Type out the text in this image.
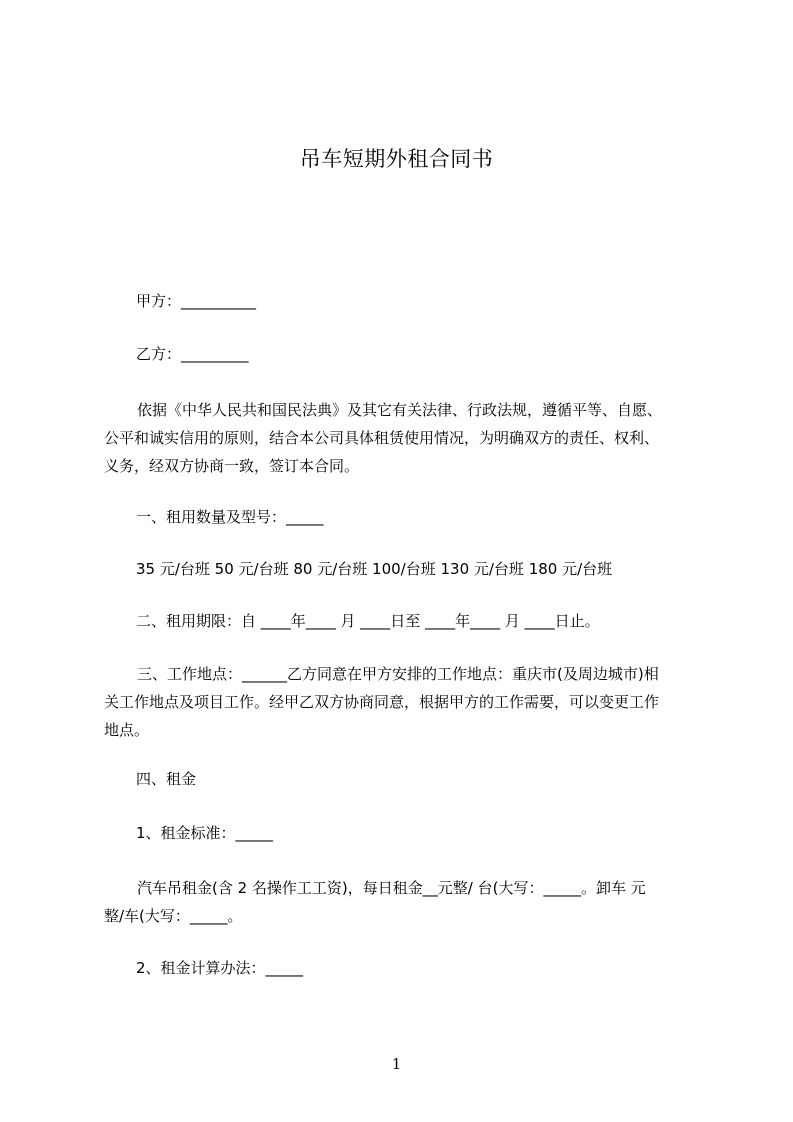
吊车短期外租合同书
甲方：__________
乙方：_________
依据《中华人民共和国民法典》及其它有关法律、行政法规，遵循平等、自愿、
公平和诚实信用的原则，结合本公司具体租赁使用情况，为明确双方的责任、权利、
义务，经双方协商一致，签订本合同。
一、租用数量及型号：_____
35 元/台班 50 元/台班 80 元/台班 100/台班 130 元/台班 180 元/台班
二、租用期限：自 ____年____ 月 ____日至 ____年____ 月 ____日止。
三、工作地点：______乙方同意在甲方安排的工作地点：重庆市(及周边城市)相
关工作地点及项目工作。经甲乙双方协商同意，根据甲方的工作需要，可以变更工作
地点。
四、租金
1、租金标准：_____
汽车吊租金(含 2 名操作工工资)，每日租金__元整/ 台(大写：_____。卸车 元
整/车(大写：_____。
2、租金计算办法：_____
1
